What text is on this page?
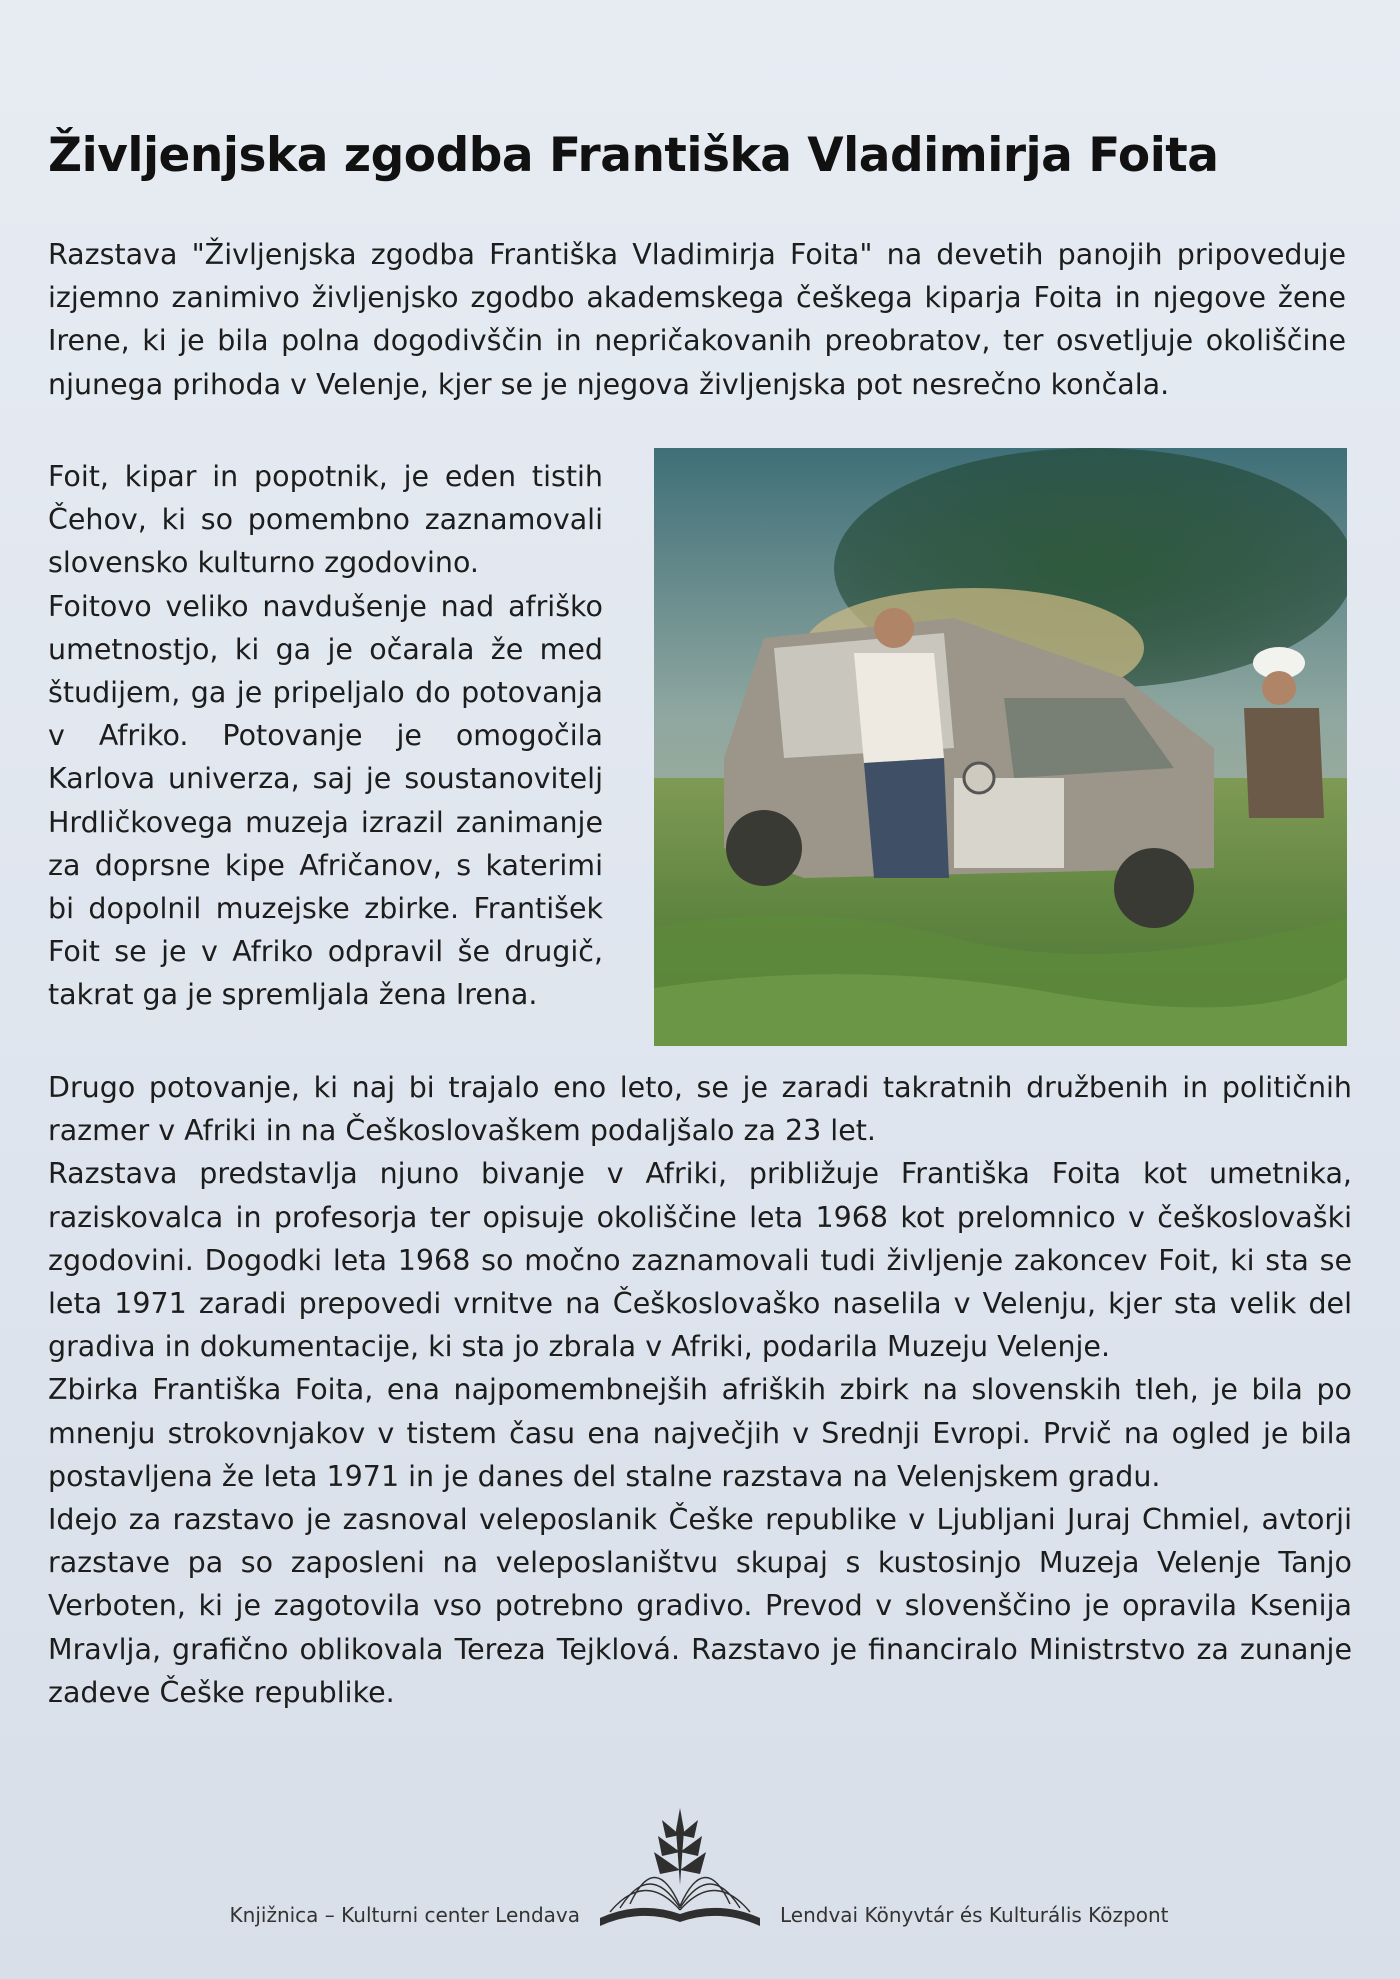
Življenjska zgodba Františka Vladimirja Foita

Razstava "Življenjska zgodba Františka Vladimirja Foita" na devetih panojih pripoveduje izjemno zanimivo življenjsko zgodbo akademskega češkega kiparja Foita in njegove žene Irene, ki je bila polna dogodivščin in nepričakovanih preobratov, ter osvetljuje okoliščine njunega prihoda v Velenje, kjer se je njegova življenjska pot nesrečno končala.

Foit, kipar in popotnik, je eden tistih Čehov, ki so pomembno zaznamovali slovensko kulturno zgodovino.

Foitovo veliko navdušenje nad afriško umetnostjo, ki ga je očarala že med študijem, ga je pripeljalo do potovanja v Afriko. Potovanje je omogočila Karlova univerza, saj je soustanovitelj Hrdličkovega muzeja izrazil zanimanje za doprsne kipe Afričanov, s katerimi bi dopolnil muzejske zbirke. František Foit se je v Afriko odpravil še drugič, takrat ga je spremljala žena Irena.

Drugo potovanje, ki naj bi trajalo eno leto, se je zaradi takratnih družbenih in političnih razmer v Afriki in na Češkoslovaškem podaljšalo za 23 let.

Razstava predstavlja njuno bivanje v Afriki, približuje Františka Foita kot umetnika, raziskovalca in profesorja ter opisuje okoliščine leta 1968 kot prelomnico v češkoslovaški zgodovini. Dogodki leta 1968 so močno zaznamovali tudi življenje zakoncev Foit, ki sta se leta 1971 zaradi prepovedi vrnitve na Češkoslovaško naselila v Velenju, kjer sta velik del gradiva in dokumentacije, ki sta jo zbrala v Afriki, podarila Muzeju Velenje.

Zbirka Františka Foita, ena najpomembnejših afriških zbirk na slovenskih tleh, je bila po mnenju strokovnjakov v tistem času ena največjih v Srednji Evropi. Prvič na ogled je bila postavljena že leta 1971 in je danes del stalne razstava na Velenjskem gradu.

Idejo za razstavo je zasnoval veleposlanik Češke republike v Ljubljani Juraj Chmiel, avtorji razstave pa so zaposleni na veleposlaništvu skupaj s kustosinjo Muzeja Velenje Tanjo Verboten, ki je zagotovila vso potrebno gradivo. Prevod v slovenščino je opravila Ksenija Mravlja, grafično oblikovala Tereza Tejklová. Razstavo je financiralo Ministrstvo za zunanje zadeve Češke republike.

Knjižnica – Kulturni center Lendava	Lendvai Könyvtár és Kulturális Központ
